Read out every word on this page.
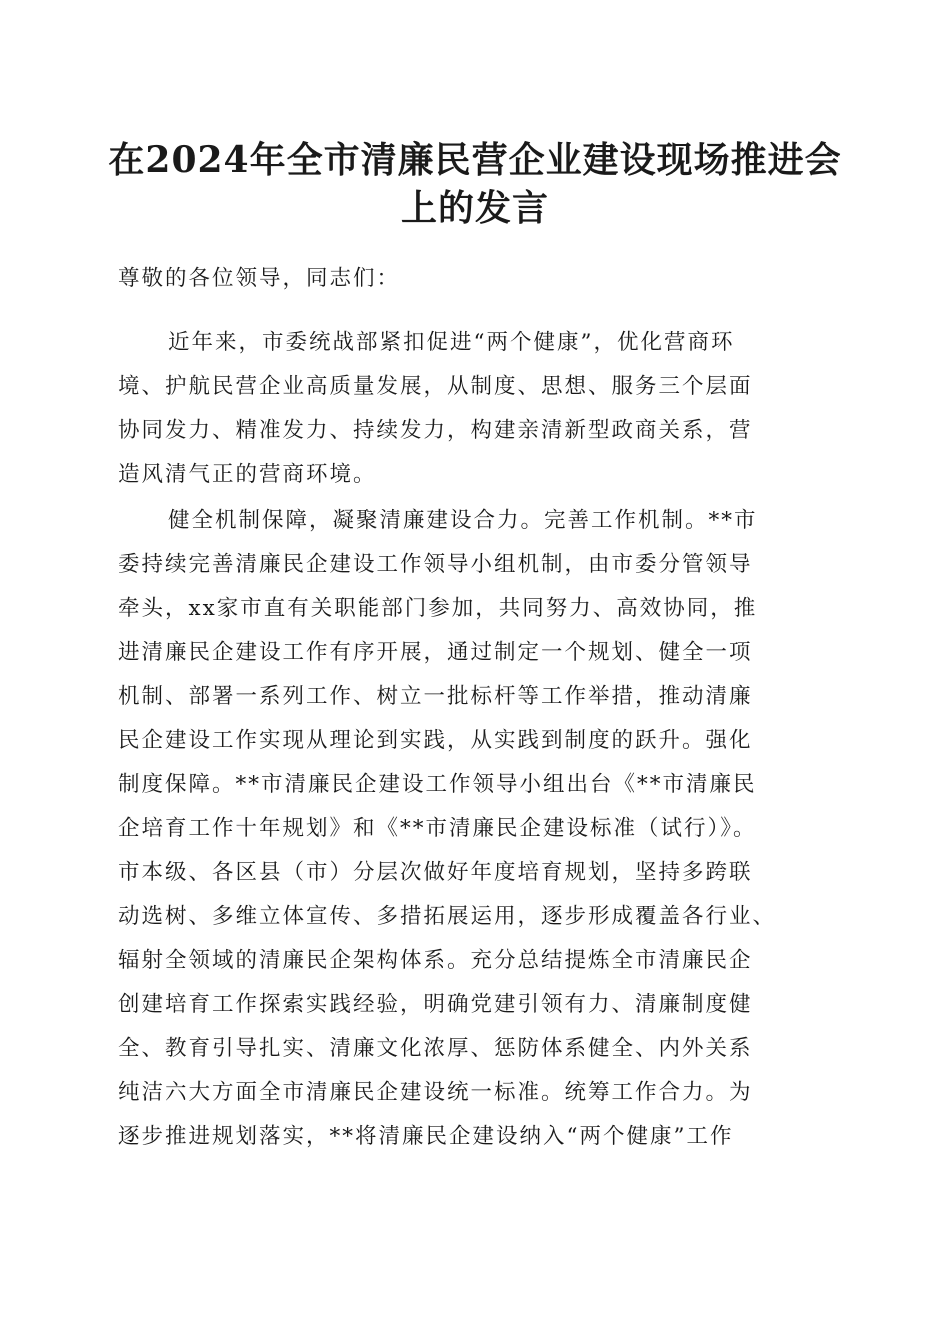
在2024年全市清廉民营企业建设现场推进会
上的发言

尊敬的各位领导，同志们：

近年来，市委统战部紧扣促进“两个健康”，优化营商环

境、护航民营企业高质量发展，从制度、思想、服务三个层面

协同发力、精准发力、持续发力，构建亲清新型政商关系，营

造风清气正的营商环境。

健全机制保障，凝聚清廉建设合力。完善工作机制。**市

委持续完善清廉民企建设工作领导小组机制，由市委分管领导

牵头，xx家市直有关职能部门参加，共同努力、高效协同，推

进清廉民企建设工作有序开展，通过制定一个规划、健全一项

机制、部署一系列工作、树立一批标杆等工作举措，推动清廉

民企建设工作实现从理论到实践，从实践到制度的跃升。强化

制度保障。**市清廉民企建设工作领导小组出台《**市清廉民

企培育工作十年规划》和《**市清廉民企建设标准（试行）》。

市本级、各区县（市）分层次做好年度培育规划，坚持多跨联

动选树、多维立体宣传、多措拓展运用，逐步形成覆盖各行业、

辐射全领域的清廉民企架构体系。充分总结提炼全市清廉民企

创建培育工作探索实践经验，明确党建引领有力、清廉制度健

全、教育引导扎实、清廉文化浓厚、惩防体系健全、内外关系

纯洁六大方面全市清廉民企建设统一标准。统筹工作合力。为

逐步推进规划落实，**将清廉民企建设纳入“两个健康”工作
